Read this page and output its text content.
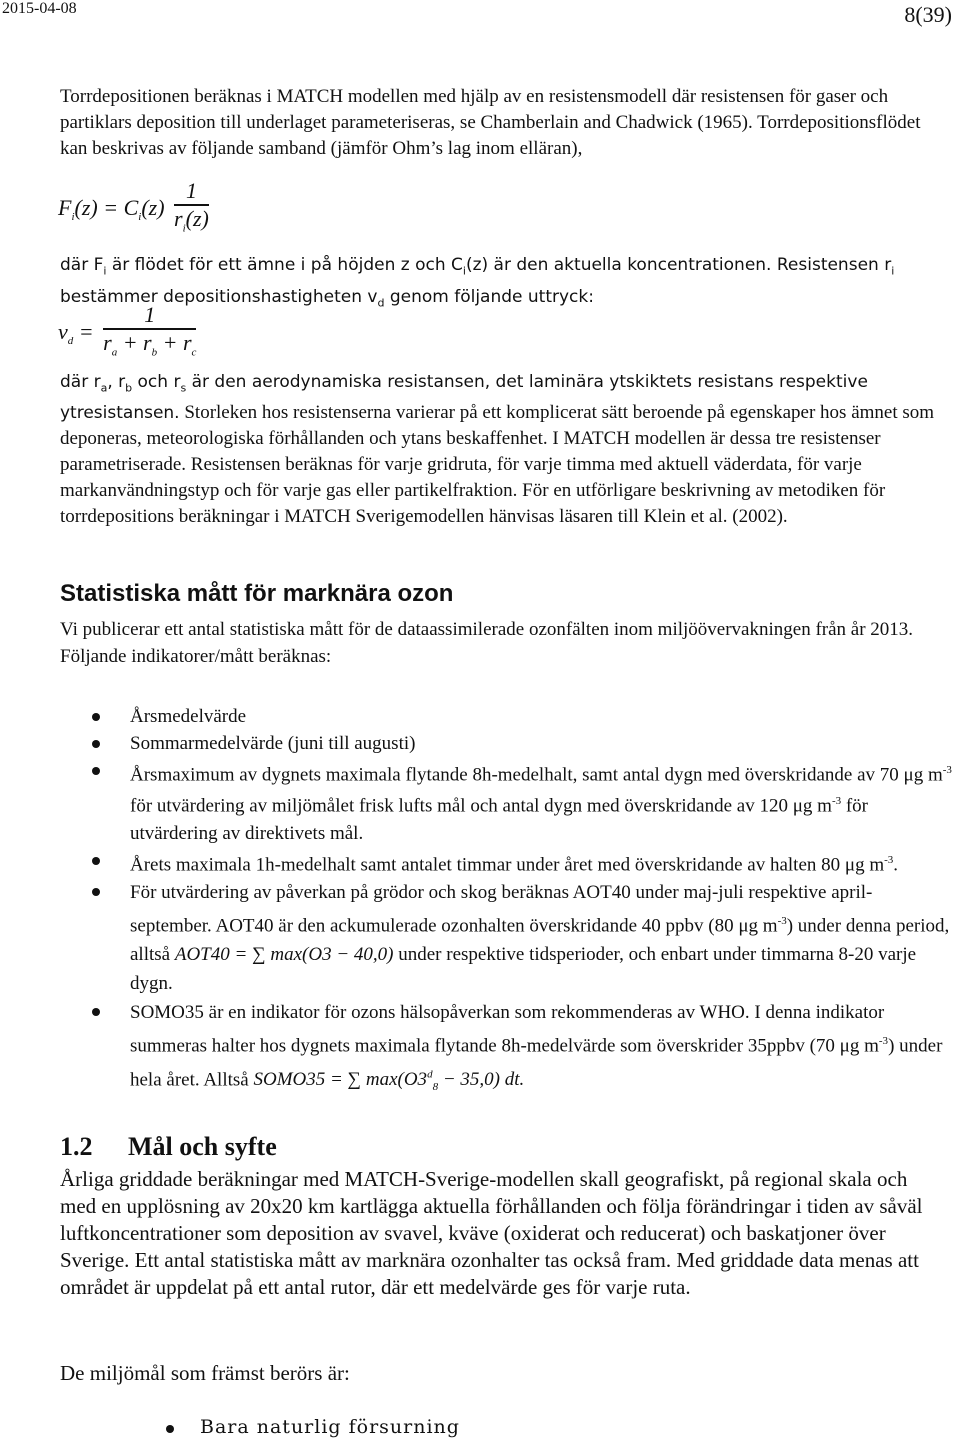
2015-04-08	8(39)

Torrdepositionen beräknas i MATCH modellen med hjälp av en resistensmodell där resistensen för gaser och partiklars deposition till underlaget parameteriseras, se Chamberlain and Chadwick (1965). Torrdepositionsflödet kan beskrivas av följande samband (jämför Ohm’s lag inom elläran),

$F_i(z) = C_i(z) \frac{1}{r_i(z)}$

där $F_i$ är flödet för ett ämne i på höjden z och $C_i(z)$ är den aktuella koncentrationen. Resistensen $r_i$
bestämmer depositionshastigheten $v_d$ genom följande uttryck:

$v_d = \frac{1}{r_a + r_b + r_c}$

där $r_a$, $r_b$ och $r_s$ är den aerodynamiska resistansen, det laminära ytskiktets resistans respektive ytresistansen. Storleken hos resistenserna varierar på ett komplicerat sätt beroende på egenskaper hos ämnet som deponeras, meteorologiska förhållanden och ytans beskaffenhet. I MATCH modellen är dessa tre resistenser parametriserade. Resistensen beräknas för varje gridruta, för varje timma med aktuell väderdata, för varje markanvändningstyp och för varje gas eller partikelfraktion. För en utförligare beskrivning av metodiken för torrdepositions beräkningar i MATCH Sverigemodellen hänvisas läsaren till Klein et al. (2002).

Statistiska mått för marknära ozon

Vi publicerar ett antal statistiska mått för de dataassimilerade ozonfälten inom miljöövervakningen från år 2013. Följande indikatorer/mått beräknas:

Årsmedelvärde
Sommarmedelvärde (juni till augusti)
Årsmaximum av dygnets maximala flytande 8h-medelhalt, samt antal dygn med överskridande av 70 μg $m^{-3}$ för utvärdering av miljömålet frisk lufts mål och antal dygn med överskridande av 120 μg $m^{-3}$ för utvärdering av direktivets mål.
Årets maximala 1h-medelhalt samt antalet timmar under året med överskridande av halten 80 μg $m^{-3}$.
För utvärdering av påverkan på grödor och skog beräknas AOT40 under maj-juli respektive april-september. AOT40 är den ackumulerade ozonhalten överskridande 40 ppbv (80 μg $m^{-3}$) under denna period, alltså AOT40 = ∑ max(O3 − 40,0) under respektive tidsperioder, och enbart under timmarna 8-20 varje dygn.
SOMO35 är en indikator för ozons hälsopåverkan som rekommenderas av WHO. I denna indikator summeras halter hos dygnets maximala flytande 8h-medelvärde som överskrider 35ppbv (70 μg $m^{-3}$) under hela året. Alltså SOMO35 = ∑ $\max(O3^d_8 - 35,0)$ dt.
1.2 Mål och syfte

Årliga griddade beräkningar med MATCH-Sverige-modellen skall geografiskt, på regional skala och med en upplösning av 20x20 km kartlägga aktuella förhållanden och följa förändringar i tiden av såväl luftkoncentrationer som deposition av svavel, kväve (oxiderat och reducerat) och baskatjoner över Sverige. Ett antal statistiska mått av marknära ozonhalter tas också fram. Med griddade data menas att området är uppdelat på ett antal rutor, där ett medelvärde ges för varje ruta.

De miljömål som främst berörs är:

Bara naturlig försurning
